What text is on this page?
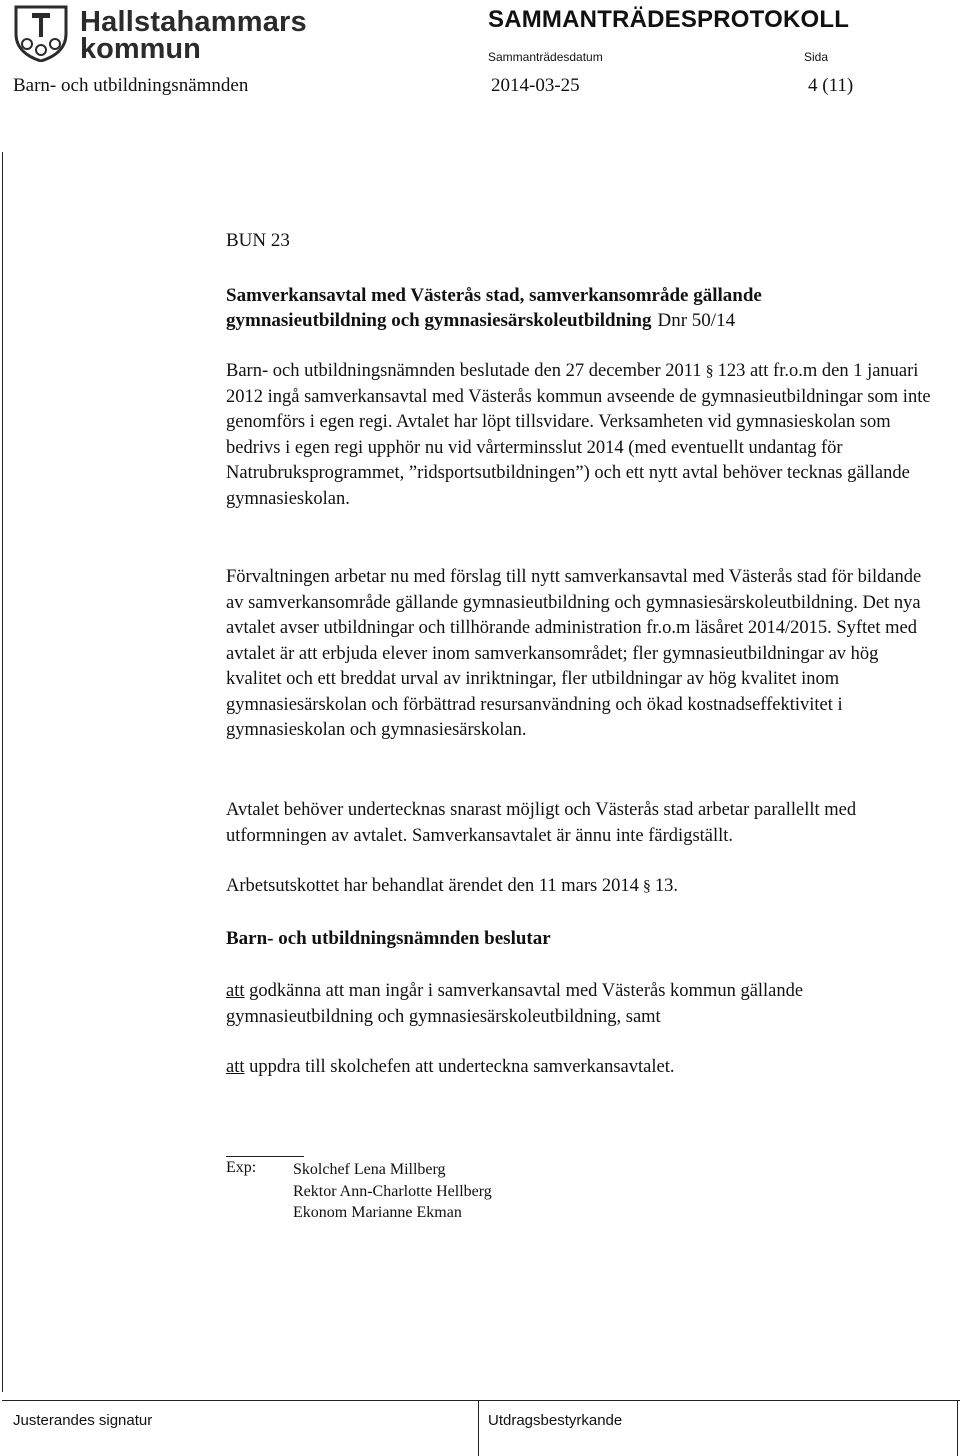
Hallstahammars
kommun
SAMMANTRÄDESPROTOKOLL
Sammanträdesdatum	Sida
Barn- och utbildningsnämnden	2014-03-25	4 (11)
BUN 23
Samverkansavtal med Västerås stad, samverkansområde gällande
gymnasieutbildning och gymnasiesärskoleutbildning Dnr 50/14
Barn- och utbildningsnämnden beslutade den 27 december 2011 § 123 att fr.o.m den 1 januari 2012 ingå samverkansavtal med Västerås kommun avseende de gymnasieutbildningar som inte genomförs i egen regi. Avtalet har löpt tillsvidare. Verksamheten vid gymnasieskolan som bedrivs i egen regi upphör nu vid vårterminsslut 2014 (med eventuellt undantag för Natrubruksprogrammet, ”ridsportsutbildningen”) och ett nytt avtal behöver tecknas gällande gymnasieskolan.
Förvaltningen arbetar nu med förslag till nytt samverkansavtal med Västerås stad för bildande av samverkansområde gällande gymnasieutbildning och gymnasiesärskoleutbildning. Det nya avtalet avser utbildningar och tillhörande administration fr.o.m läsåret 2014/2015. Syftet med avtalet är att erbjuda elever inom samverkansområdet; fler gymnasieutbildningar av hög kvalitet och ett breddat urval av inriktningar, fler utbildningar av hög kvalitet inom gymnasiesärskolan och förbättrad resursanvändning och ökad kostnadseffektivitet i gymnasieskolan och gymnasiesärskolan.
Avtalet behöver undertecknas snarast möjligt och Västerås stad arbetar parallellt med utformningen av avtalet. Samverkansavtalet är ännu inte färdigställt.
Arbetsutskottet har behandlat ärendet den 11 mars 2014 § 13.
Barn- och utbildningsnämnden beslutar
att godkänna att man ingår i samverkansavtal med Västerås kommun gällande gymnasieutbildning och gymnasiesärskoleutbildning, samt
att uppdra till skolchefen att underteckna samverkansavtalet.
Exp: Skolchef Lena Millberg
Rektor Ann-Charlotte Hellberg
Ekonom Marianne Ekman
Justerandes signatur	Utdragsbestyrkande
